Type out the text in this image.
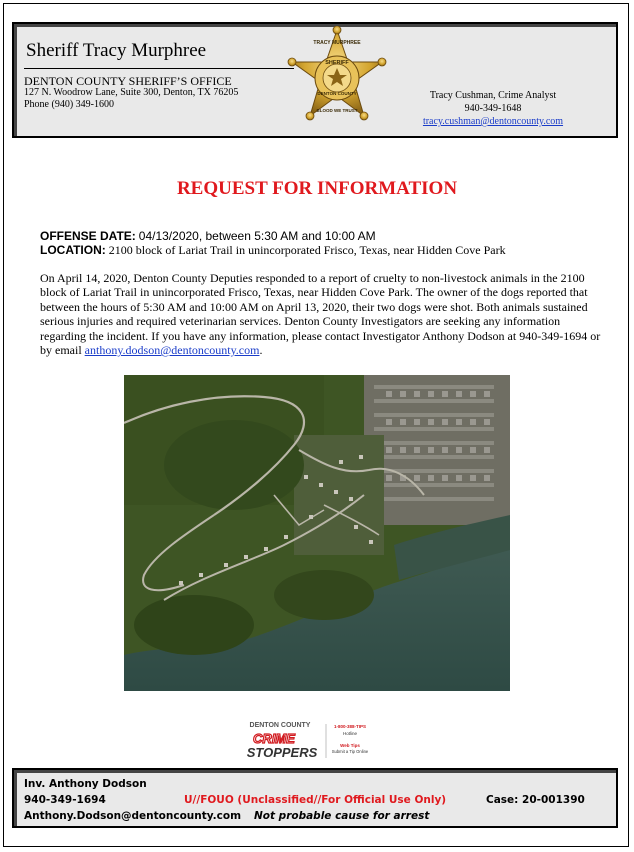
Sheriff Tracy Murphree
DENTON COUNTY SHERIFF’S OFFICE
127 N. Woodrow Lane, Suite 300, Denton, TX 76205
Phone (940) 349-1600
TRACY MURPHREE
SHERIFF
DENTON COUNTY
BLOOD WE TRUST
Tracy Cushman, Crime Analyst
940-349-1648
tracy.cushman@dentoncounty.com
REQUEST FOR INFORMATION
OFFENSE DATE: 04/13/2020, between 5:30 AM and 10:00 AM
LOCATION: 2100 block of Lariat Trail in unincorporated Frisco, Texas, near Hidden Cove Park
On April 14, 2020, Denton County Deputies responded to a report of cruelty to non-livestock animals in the 2100 block of Lariat Trail in unincorporated Frisco, Texas, near Hidden Cove Park. The owner of the dogs reported that between the hours of 5:30 AM and 10:00 AM on April 13, 2020, their two dogs were shot. Both animals sustained serious injuries and required veterinarian services. Denton County Investigators are seeking any information regarding the incident. If you have any information, please contact Investigator Anthony Dodson at 940-349-1694 or by email anthony.dodson@dentoncounty.com.
DENTON COUNTY
CRIME
STOPPERS
1-800-388-TIPS
Hotline
Web Tips
Submit a Tip Online
Inv. Anthony Dodson
940-349-1694
Anthony.Dodson@dentoncounty.com
U//FOUO (Unclassified//For Official Use Only)	Case: 20-001390
Not probable cause for arrest
